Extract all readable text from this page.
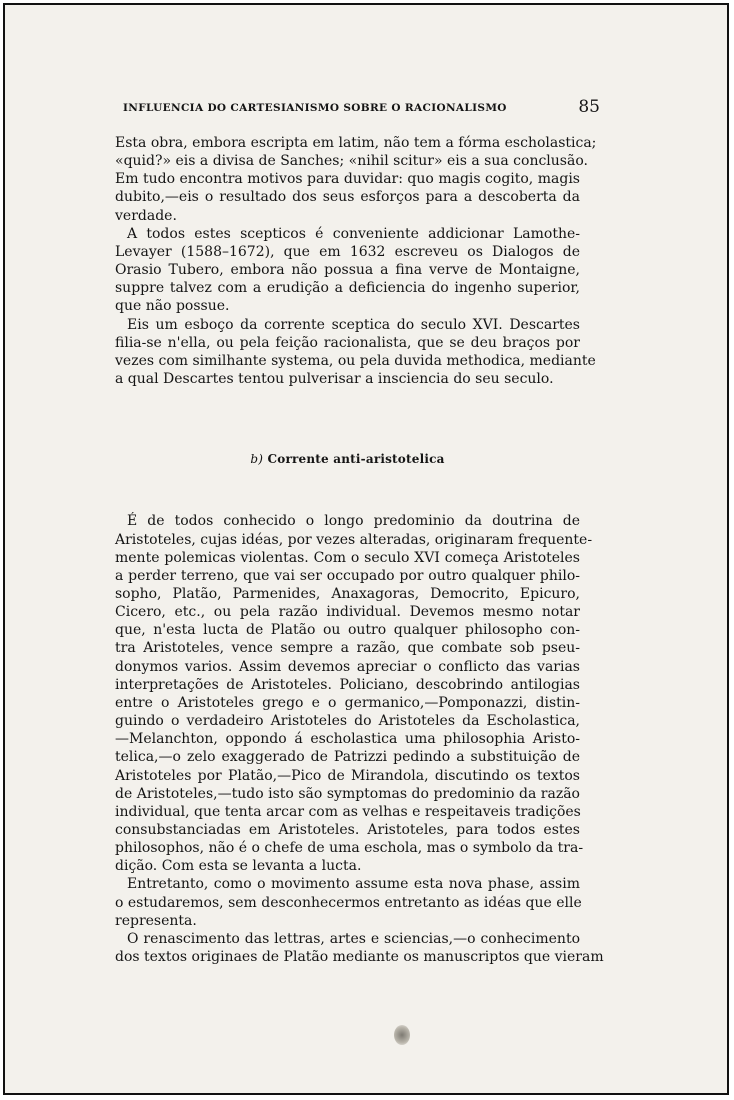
INFLUENCIA DO CARTESIANISMO SOBRE O RACIONALISMO	85

Esta obra, embora escripta em latim, não tem a fórma escholastica;
«quid?» eis a divisa de Sanches; «nihil scitur» eis a sua conclusão.
Em tudo encontra motivos para duvidar: quo magis cogito, magis
dubito,—eis o resultado dos seus esforços para a descoberta da
verdade.

A todos estes scepticos é conveniente addicionar Lamothe-
Levayer (1588–1672), que em 1632 escreveu os Dialogos de
Orasio Tubero, embora não possua a fina verve de Montaigne,
suppre talvez com a erudição a deficiencia do ingenho superior,
que não possue.

Eis um esboço da corrente sceptica do seculo XVI. Descartes
filia-se n'ella, ou pela feição racionalista, que se deu braços por
vezes com similhante systema, ou pela duvida methodica, mediante
a qual Descartes tentou pulverisar a insciencia do seu seculo.

b) Corrente anti-aristotelica

É de todos conhecido o longo predominio da doutrina de
Aristoteles, cujas idéas, por vezes alteradas, originaram frequente-
mente polemicas violentas. Com o seculo XVI começa Aristoteles
a perder terreno, que vai ser occupado por outro qualquer philo-
sopho, Platão, Parmenides, Anaxagoras, Democrito, Epicuro,
Cicero, etc., ou pela razão individual. Devemos mesmo notar
que, n'esta lucta de Platão ou outro qualquer philosopho con-
tra Aristoteles, vence sempre a razão, que combate sob pseu-
donymos varios. Assim devemos apreciar o conflicto das varias
interpretações de Aristoteles. Policiano, descobrindo antilogias
entre o Aristoteles grego e o germanico,—Pomponazzi, distin-
guindo o verdadeiro Aristoteles do Aristoteles da Escholastica,
—Melanchton, oppondo á escholastica uma philosophia Aristo-
telica,—o zelo exaggerado de Patrizzi pedindo a substituição de
Aristoteles por Platão,—Pico de Mirandola, discutindo os textos
de Aristoteles,—tudo isto são symptomas do predominio da razão
individual, que tenta arcar com as velhas e respeitaveis tradições
consubstanciadas em Aristoteles. Aristoteles, para todos estes
philosophos, não é o chefe de uma eschola, mas o symbolo da tra-
dição. Com esta se levanta a lucta.

Entretanto, como o movimento assume esta nova phase, assim
o estudaremos, sem desconhecermos entretanto as idéas que elle
representa.

O renascimento das lettras, artes e sciencias,—o conhecimento
dos textos originaes de Platão mediante os manuscriptos que vieram
